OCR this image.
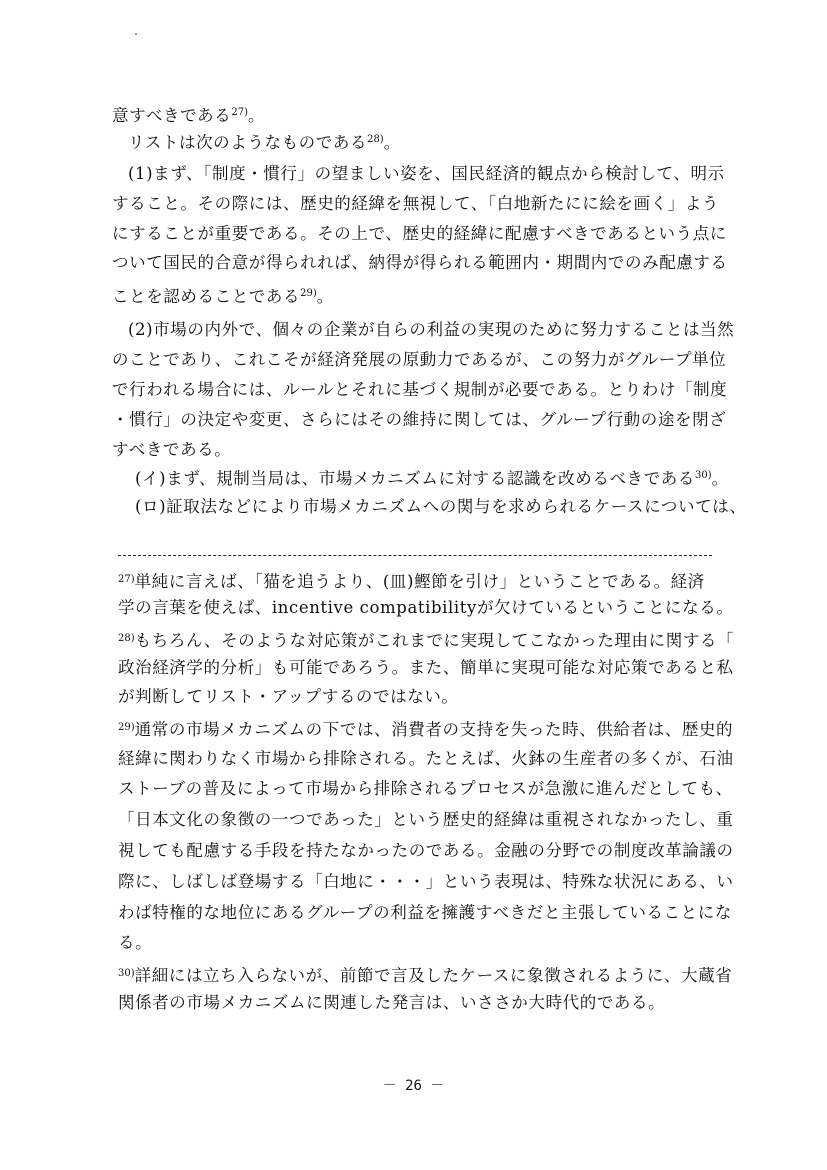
意すべきである$^{27)}$。
リストは次のようなものである$^{28)}$。
(1)まず、「制度・慣行」の望ましい姿を、国民経済的観点から検討して、明示
すること。その際には、歴史的経緯を無視して、「白地新たにに絵を画く」よう
にすることが重要である。その上で、歴史的経緯に配慮すべきであるという点に
ついて国民的合意が得られれば、納得が得られる範囲内・期間内でのみ配慮する
ことを認めることである$^{29)}$。
(2)市場の内外で、個々の企業が自らの利益の実現のために努力することは当然
のことであり、これこそが経済発展の原動力であるが、この努力がグループ単位
で行われる場合には、ルールとそれに基づく規制が必要である。とりわけ「制度
・慣行」の決定や変更、さらにはその維持に関しては、グループ行動の途を閉ざ
すべきである。
(イ)まず、規制当局は、市場メカニズムに対する認識を改めるべきである$^{30)}$。
(ロ)証取法などにより市場メカニズムへの関与を求められるケースについては、
$^{27)}$単純に言えば、「猫を追うより、(皿)鰹節を引け」ということである。経済
学の言葉を使えば、incentive compatibilityが欠けているということになる。
$^{28)}$もちろん、そのような対応策がこれまでに実現してこなかった理由に関する「
政治経済学的分析」も可能であろう。また、簡単に実現可能な対応策であると私
が判断してリスト・アップするのではない。
$^{29)}$通常の市場メカニズムの下では、消費者の支持を失った時、供給者は、歴史的
経緯に関わりなく市場から排除される。たとえば、火鉢の生産者の多くが、石油
ストーブの普及によって市場から排除されるプロセスが急激に進んだとしても、
「日本文化の象徴の一つであった」という歴史的経緯は重視されなかったし、重
視しても配慮する手段を持たなかったのである。金融の分野での制度改革論議の
際に、しばしば登場する「白地に・・・」という表現は、特殊な状況にある、い
わば特権的な地位にあるグループの利益を擁護すべきだと主張していることにな
る。
$^{30)}$詳細には立ち入らないが、前節で言及したケースに象徴されるように、大蔵省
関係者の市場メカニズムに関連した発言は、いささか大時代的である。
－ 26 －
